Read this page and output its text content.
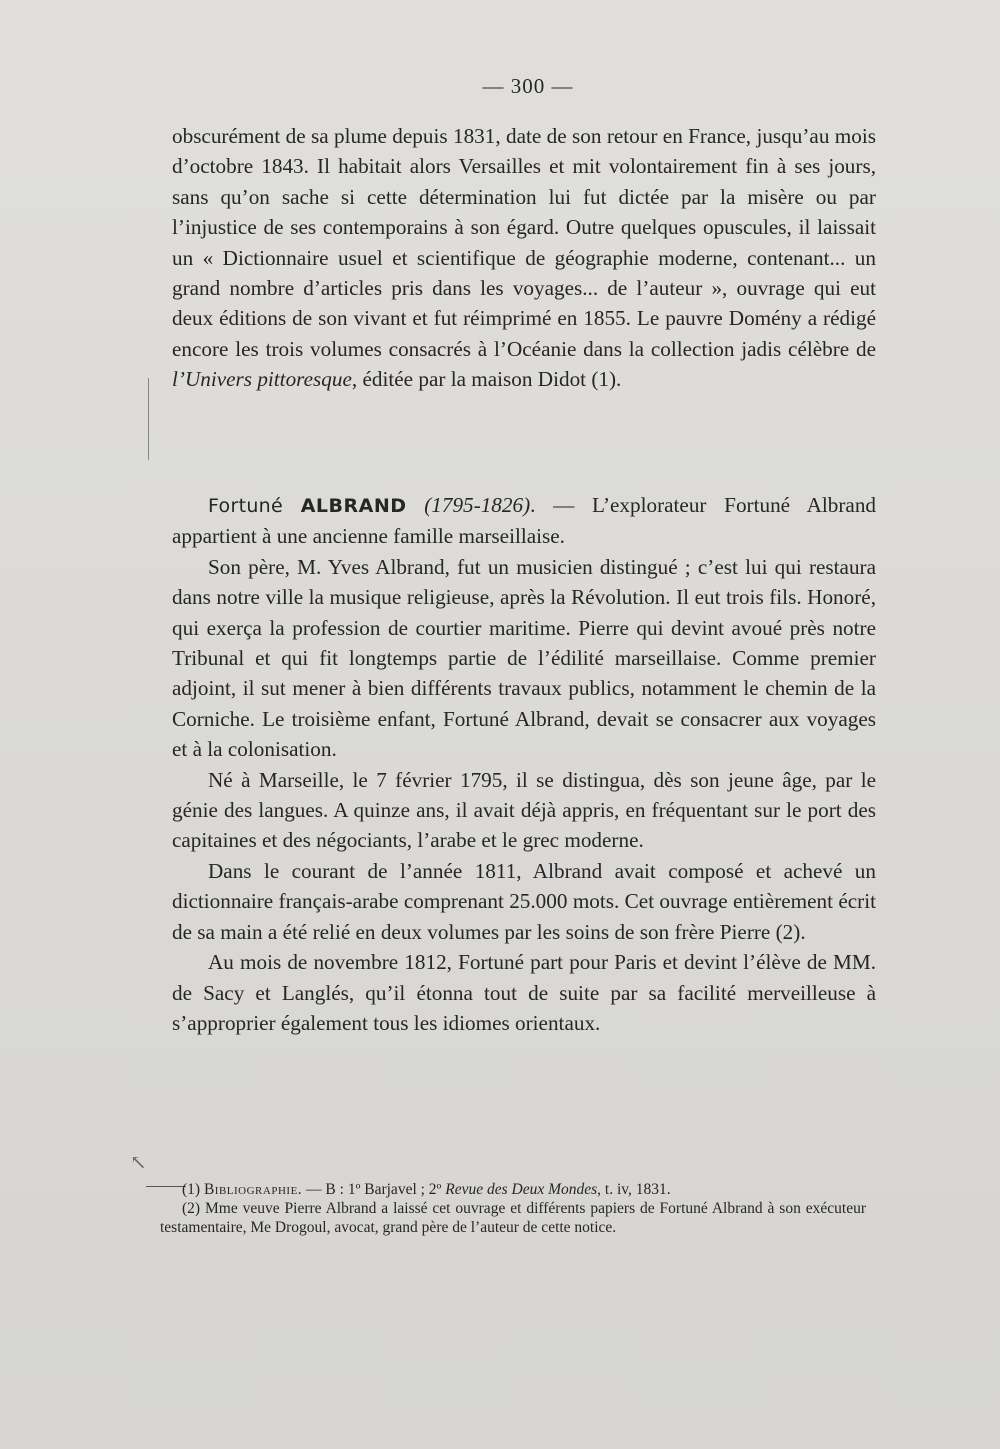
— 300 —

obscurément de sa plume depuis 1831, date de son retour en France, jusqu’au mois d’octobre 1843. Il habitait alors Versailles et mit volontairement fin à ses jours, sans qu’on sache si cette détermination lui fut dictée par la misère ou par l’injustice de ses contemporains à son égard. Outre quelques opuscules, il laissait un « Dictionnaire usuel et scientifique de géographie moderne, contenant... un grand nombre d’articles pris dans les voyages... de l’auteur », ouvrage qui eut deux éditions de son vivant et fut réimprimé en 1855. Le pauvre Domény a rédigé encore les trois volumes consacrés à l’Océanie dans la collection jadis célèbre de l’Univers pittoresque, éditée par la maison Didot (1).

Fortuné ALBRAND (1795-1826). — L’explorateur Fortuné Albrand appartient à une ancienne famille marseillaise.

Son père, M. Yves Albrand, fut un musicien distingué ; c’est lui qui restaura dans notre ville la musique religieuse, après la Révolution. Il eut trois fils. Honoré, qui exerça la profession de courtier maritime. Pierre qui devint avoué près notre Tribunal et qui fit longtemps partie de l’édilité marseillaise. Comme premier adjoint, il sut mener à bien différents travaux publics, notamment le chemin de la Corniche. Le troisième enfant, Fortuné Albrand, devait se consacrer aux voyages et à la colonisation.

Né à Marseille, le 7 février 1795, il se distingua, dès son jeune âge, par le génie des langues. A quinze ans, il avait déjà appris, en fréquentant sur le port des capitaines et des négociants, l’arabe et le grec moderne.

Dans le courant de l’année 1811, Albrand avait composé et achevé un dictionnaire français-arabe comprenant 25.000 mots. Cet ouvrage entièrement écrit de sa main a été relié en deux volumes par les soins de son frère Pierre (2).

Au mois de novembre 1812, Fortuné part pour Paris et devint l’élève de MM. de Sacy et Langlés, qu’il étonna tout de suite par sa facilité merveilleuse à s’approprier également tous les idiomes orientaux.

↖

(1) Bibliographie. — B : 1º Barjavel ; 2º Revue des Deux Mondes, t. iv, 1831.

(2) Mme veuve Pierre Albrand a laissé cet ouvrage et différents papiers de Fortuné Albrand à son exécuteur testamentaire, Me Drogoul, avocat, grand père de l’auteur de cette notice.
